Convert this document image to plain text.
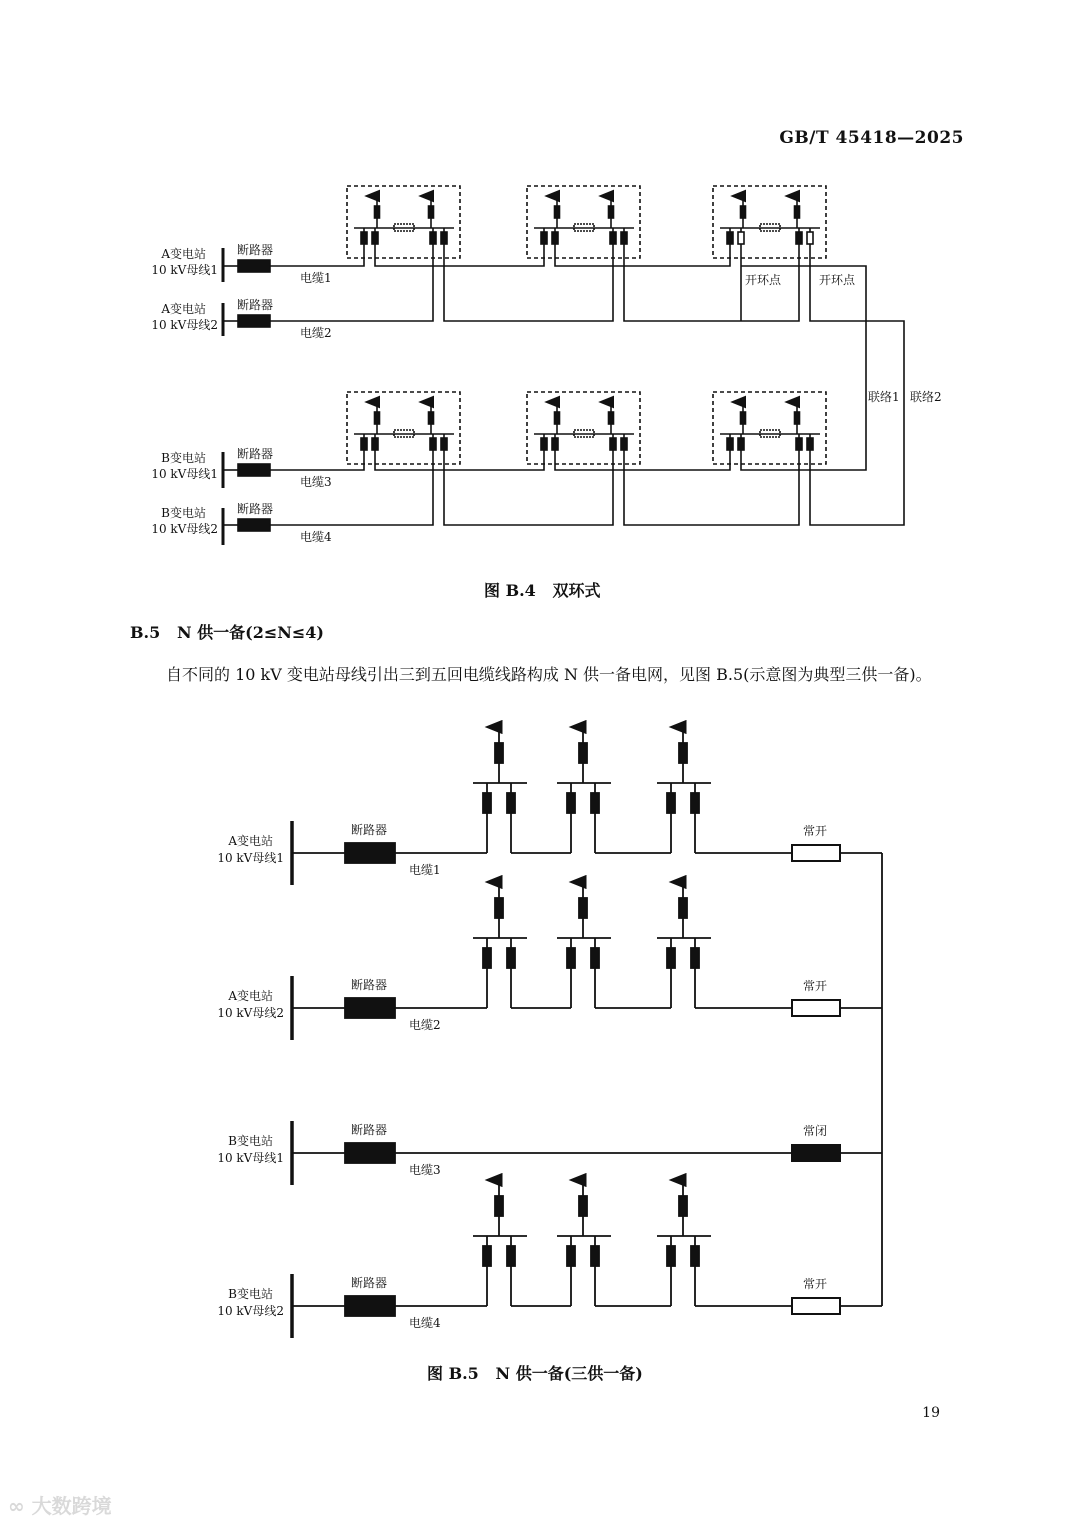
GB/T 45418—2025
A变电站
10 kV母线1
断路器
电缆1
A变电站
10 kV母线2
断路器
电缆2
B变电站
10 kV母线1
断路器
电缆3
B变电站
10 kV母线2
断路器
电缆4
开环点	开环点
联络1 联络2
A变电站
10 kV母线1
断路器
电缆1
常开
A变电站
10 kV母线2
断路器
电缆2
常开
B变电站
10 kV母线1
断路器
电缆3
常闭
B变电站
10 kV母线2
断路器
电缆4
常开
图 B.4   双环式
B.5   N 供一备(2≤N≤4)
自不同的 10 kV 变电站母线引出三到五回电缆线路构成 N 供一备电网，见图 B.5(示意图为典型三供一备)。
图 B.5   N 供一备(三供一备)
19
∞ 大数跨境
